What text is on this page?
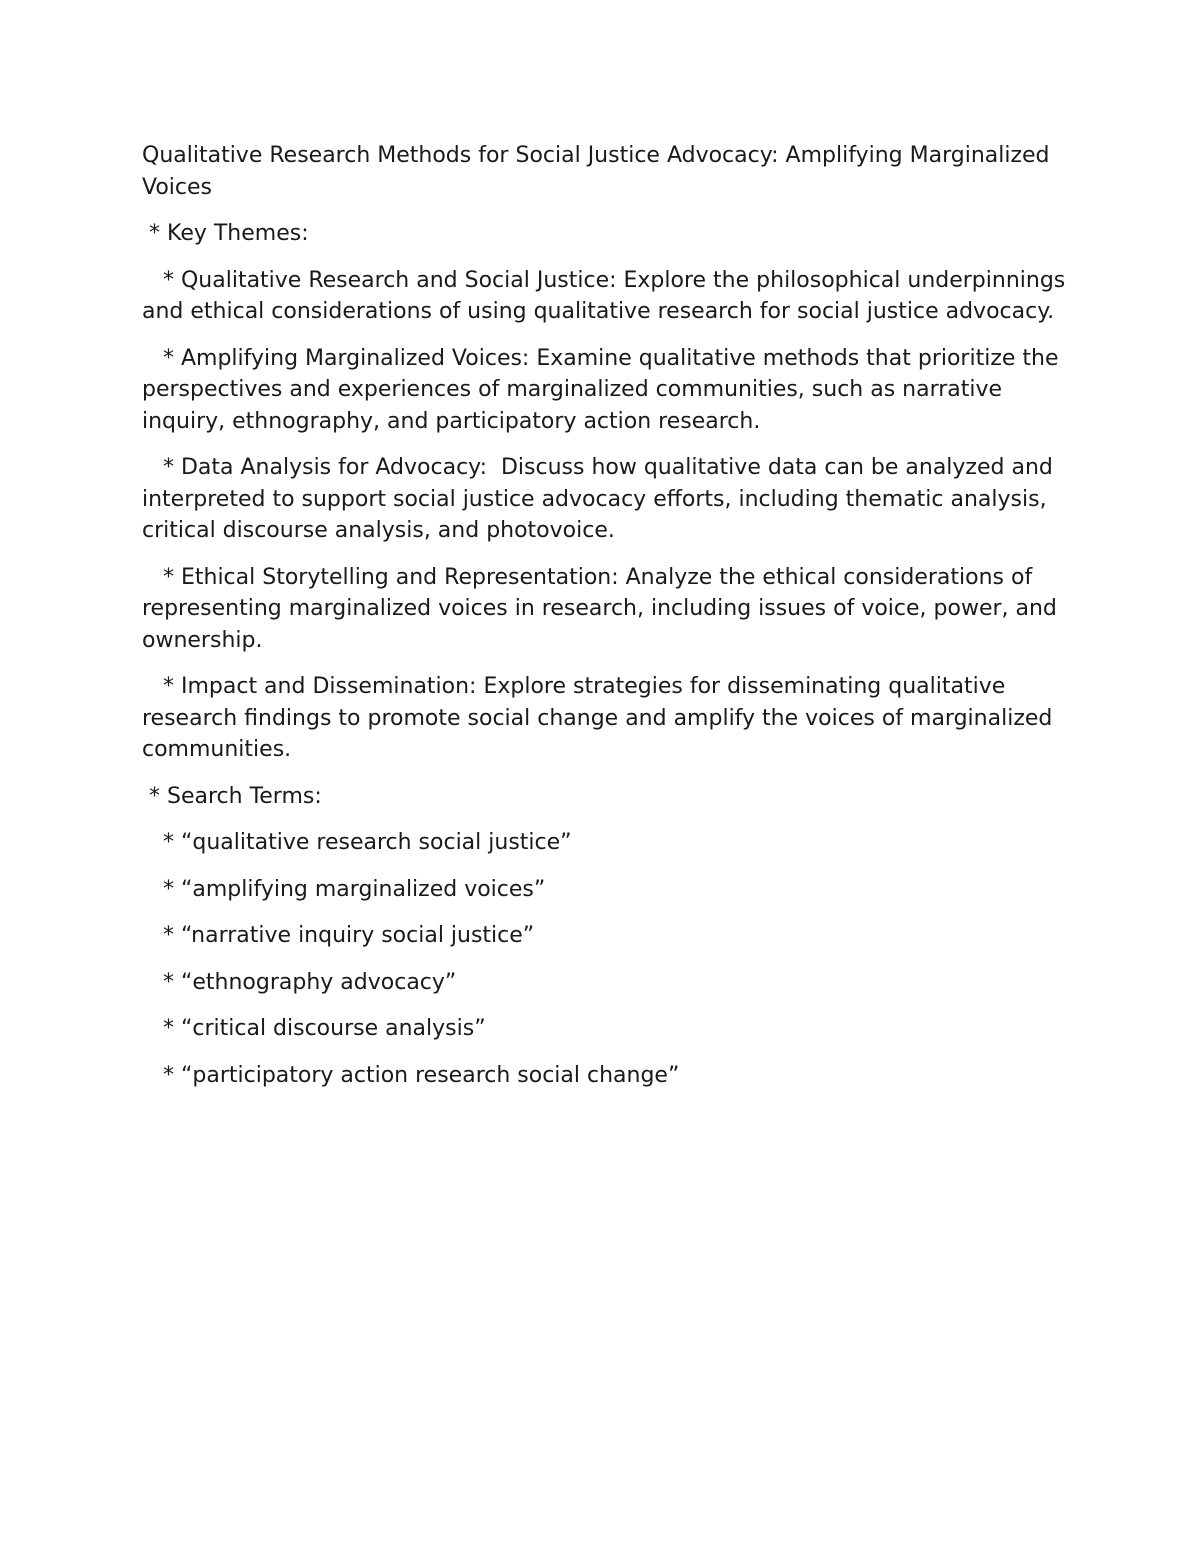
Qualitative Research Methods for Social Justice Advocacy: Amplifying Marginalized Voices

* Key Themes:

* Qualitative Research and Social Justice: Explore the philosophical underpinnings and ethical considerations of using qualitative research for social justice advocacy.

* Amplifying Marginalized Voices: Examine qualitative methods that prioritize the perspectives and experiences of marginalized communities, such as narrative inquiry, ethnography, and participatory action research.

* Data Analysis for Advocacy:  Discuss how qualitative data can be analyzed and interpreted to support social justice advocacy efforts, including thematic analysis, critical discourse analysis, and photovoice.

* Ethical Storytelling and Representation: Analyze the ethical considerations of representing marginalized voices in research, including issues of voice, power, and ownership.

* Impact and Dissemination: Explore strategies for disseminating qualitative research findings to promote social change and amplify the voices of marginalized communities.

* Search Terms:

* “qualitative research social justice”

* “amplifying marginalized voices”

* “narrative inquiry social justice”

* “ethnography advocacy”

* “critical discourse analysis”

* “participatory action research social change”
